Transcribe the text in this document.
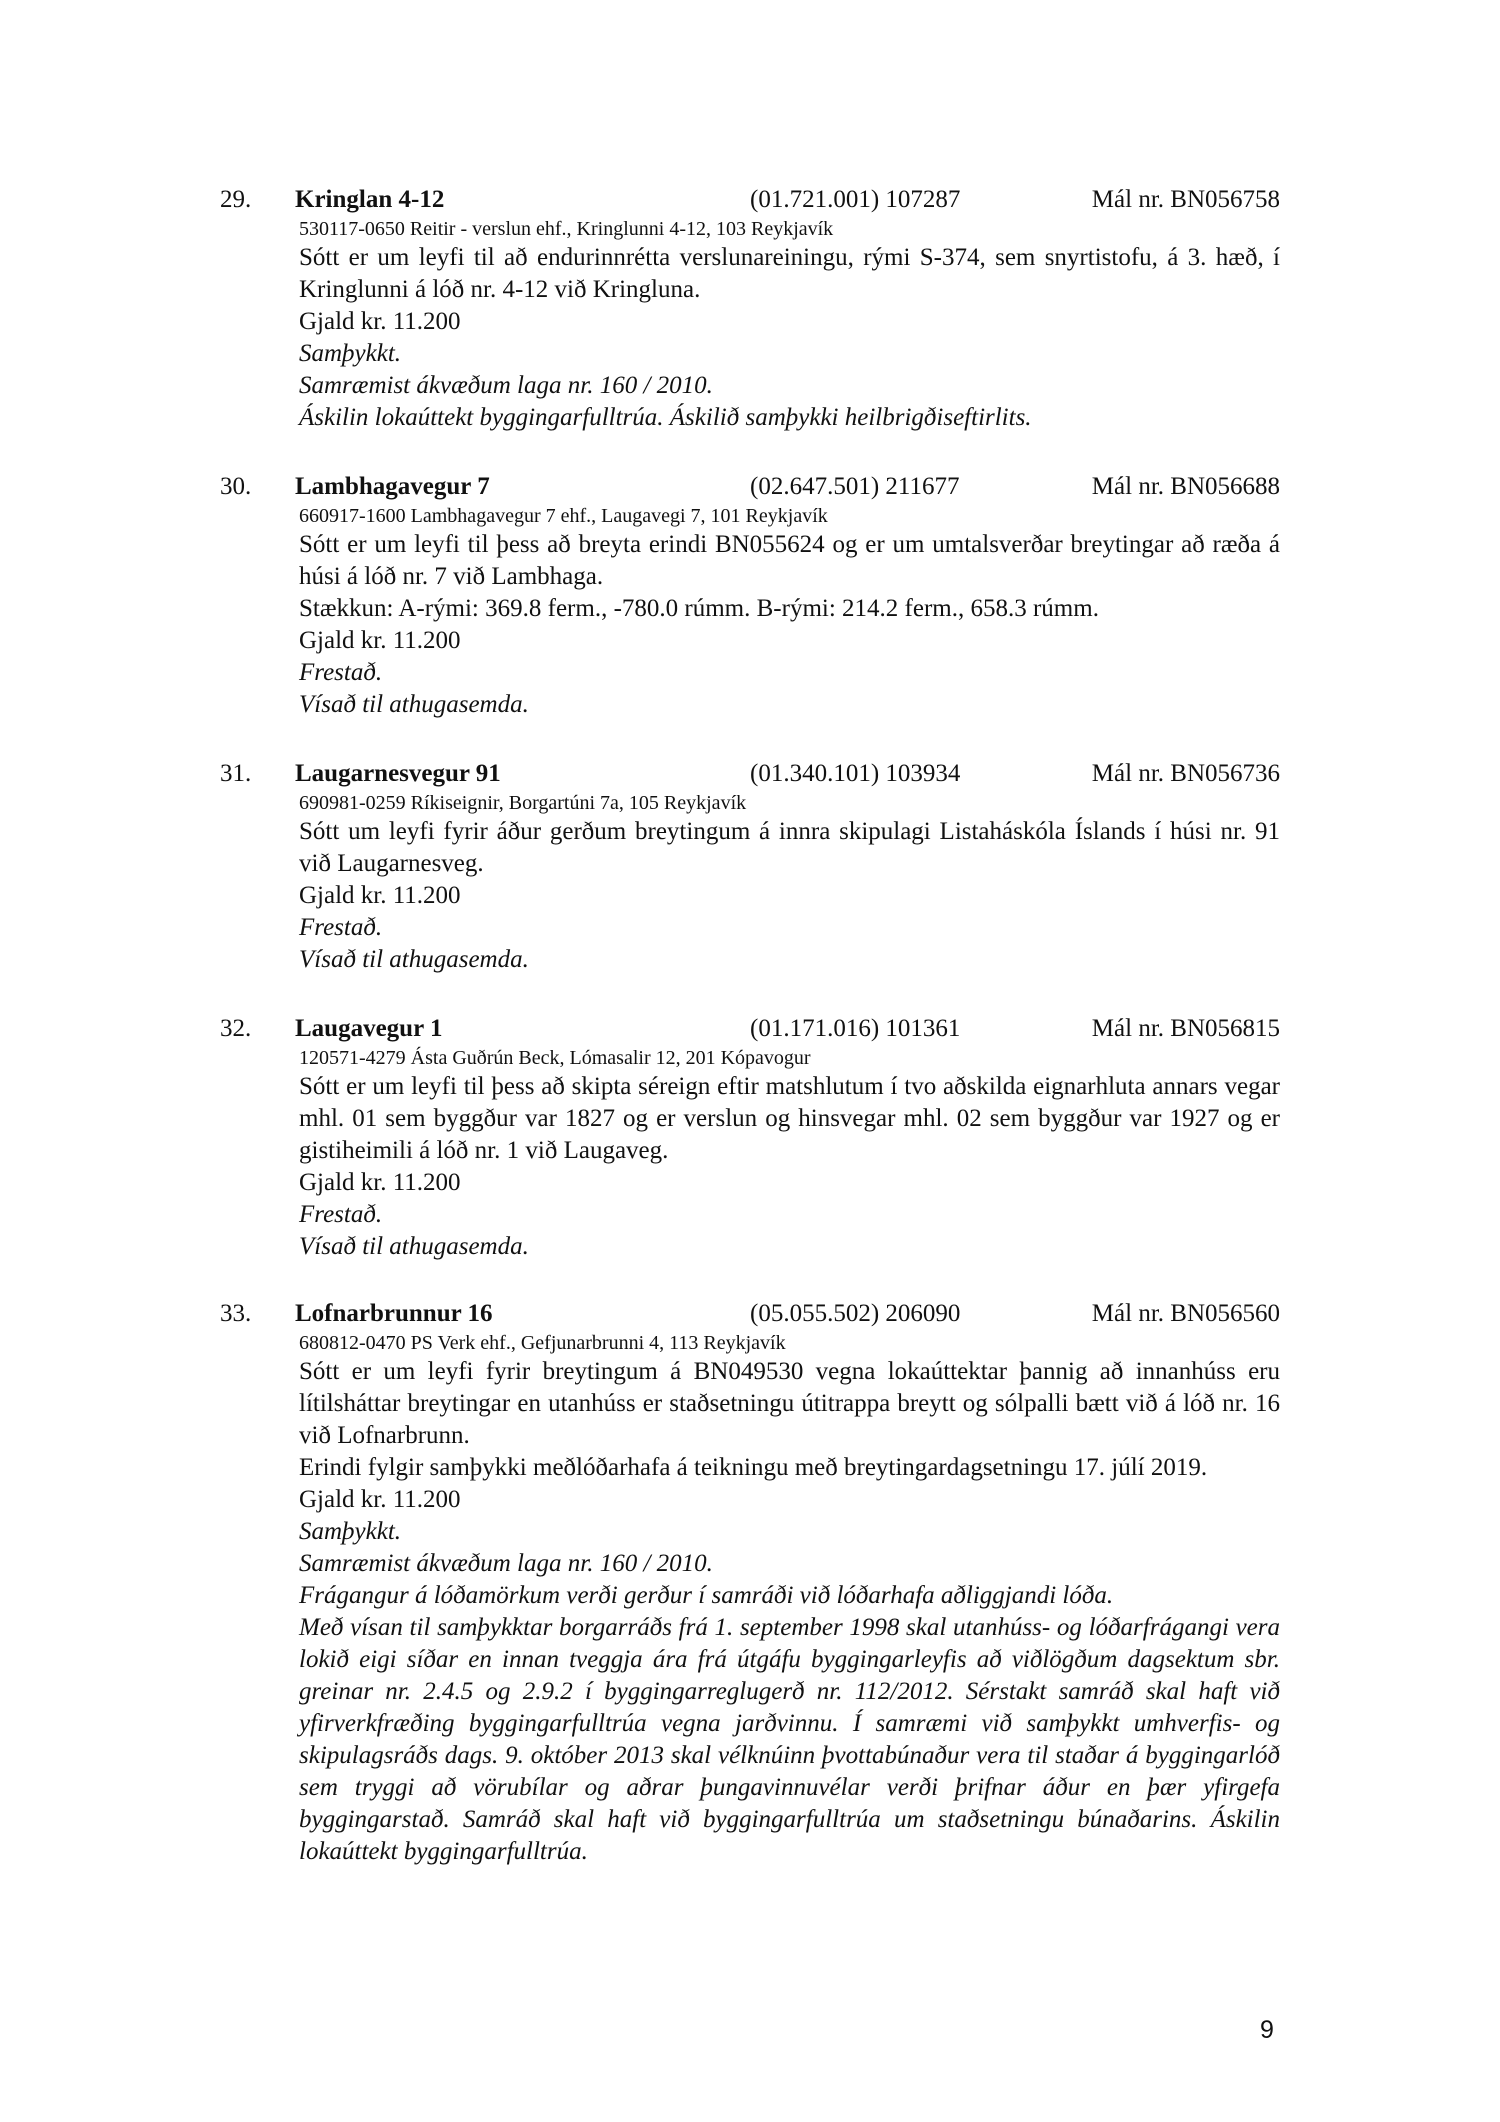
29. Kringlan 4-12	(01.721.001) 107287	Mál nr. BN056758
530117-0650 Reitir - verslun ehf., Kringlunni 4-12, 103 Reykjavík
Sótt er um leyfi til að endurinnrétta verslunareiningu, rými S-374, sem snyrtistofu, á 3. hæð, í Kringlunni á lóð nr. 4-12 við Kringluna.
Gjald kr. 11.200
Samþykkt.
Samræmist ákvæðum laga nr. 160 / 2010.
Áskilin lokaúttekt byggingarfulltrúa. Áskilið samþykki heilbrigðiseftirlits.
30. Lambhagavegur 7	(02.647.501) 211677	Mál nr. BN056688
660917-1600 Lambhagavegur 7 ehf., Laugavegi 7, 101 Reykjavík
Sótt er um leyfi til þess að breyta erindi BN055624 og er um umtalsverðar breytingar að ræða á húsi á lóð nr. 7 við Lambhaga.
Stækkun: A-rými: 369.8 ferm., -780.0 rúmm. B-rými: 214.2 ferm., 658.3 rúmm.
Gjald kr. 11.200
Frestað.
Vísað til athugasemda.
31. Laugarnesvegur 91	(01.340.101) 103934	Mál nr. BN056736
690981-0259 Ríkiseignir, Borgartúni 7a, 105 Reykjavík
Sótt um leyfi fyrir áður gerðum breytingum á innra skipulagi Listaháskóla Íslands í húsi nr. 91 við Laugarnesveg.
Gjald kr. 11.200
Frestað.
Vísað til athugasemda.
32. Laugavegur 1	(01.171.016) 101361	Mál nr. BN056815
120571-4279 Ásta Guðrún Beck, Lómasalir 12, 201 Kópavogur
Sótt er um leyfi til þess að skipta séreign eftir matshlutum í tvo aðskilda eignarhluta annars vegar mhl. 01 sem byggður var 1827 og er verslun og hinsvegar mhl. 02 sem byggður var 1927 og er gistiheimili á lóð nr. 1 við Laugaveg.
Gjald kr. 11.200
Frestað.
Vísað til athugasemda.
33. Lofnarbrunnur 16	(05.055.502) 206090	Mál nr. BN056560
680812-0470 PS Verk ehf., Gefjunarbrunni 4, 113 Reykjavík
Sótt er um leyfi fyrir breytingum á BN049530 vegna lokaúttektar þannig að innanhúss eru lítilsháttar breytingar en utanhúss er staðsetningu útitrappa breytt og sólpalli bætt við á lóð nr. 16 við Lofnarbrunn.
Erindi fylgir samþykki meðlóðarhafa á teikningu með breytingardagsetningu 17. júlí 2019.
Gjald kr. 11.200
Samþykkt.
Samræmist ákvæðum laga nr. 160 / 2010.
Frágangur á lóðamörkum verði gerður í samráði við lóðarhafa aðliggjandi lóða.
Með vísan til samþykktar borgarráðs frá 1. september 1998 skal utanhúss- og lóðarfrágangi vera lokið eigi síðar en innan tveggja ára frá útgáfu byggingarleyfis að viðlögðum dagsektum sbr. greinar nr. 2.4.5 og 2.9.2 í byggingarreglugerð nr. 112/2012. Sérstakt samráð skal haft við yfirverkfræðing byggingarfulltrúa vegna jarðvinnu. Í samræmi við samþykkt umhverfis- og skipulagsráðs dags. 9. október 2013 skal vélknúinn þvottabúnaður vera til staðar á byggingarlóð sem tryggi að vörubílar og aðrar þungavinnuvélar verði þrifnar áður en þær yfirgefa byggingarstað. Samráð skal haft við byggingarfulltrúa um staðsetningu búnaðarins. Áskilin lokaúttekt byggingarfulltrúa.
9
